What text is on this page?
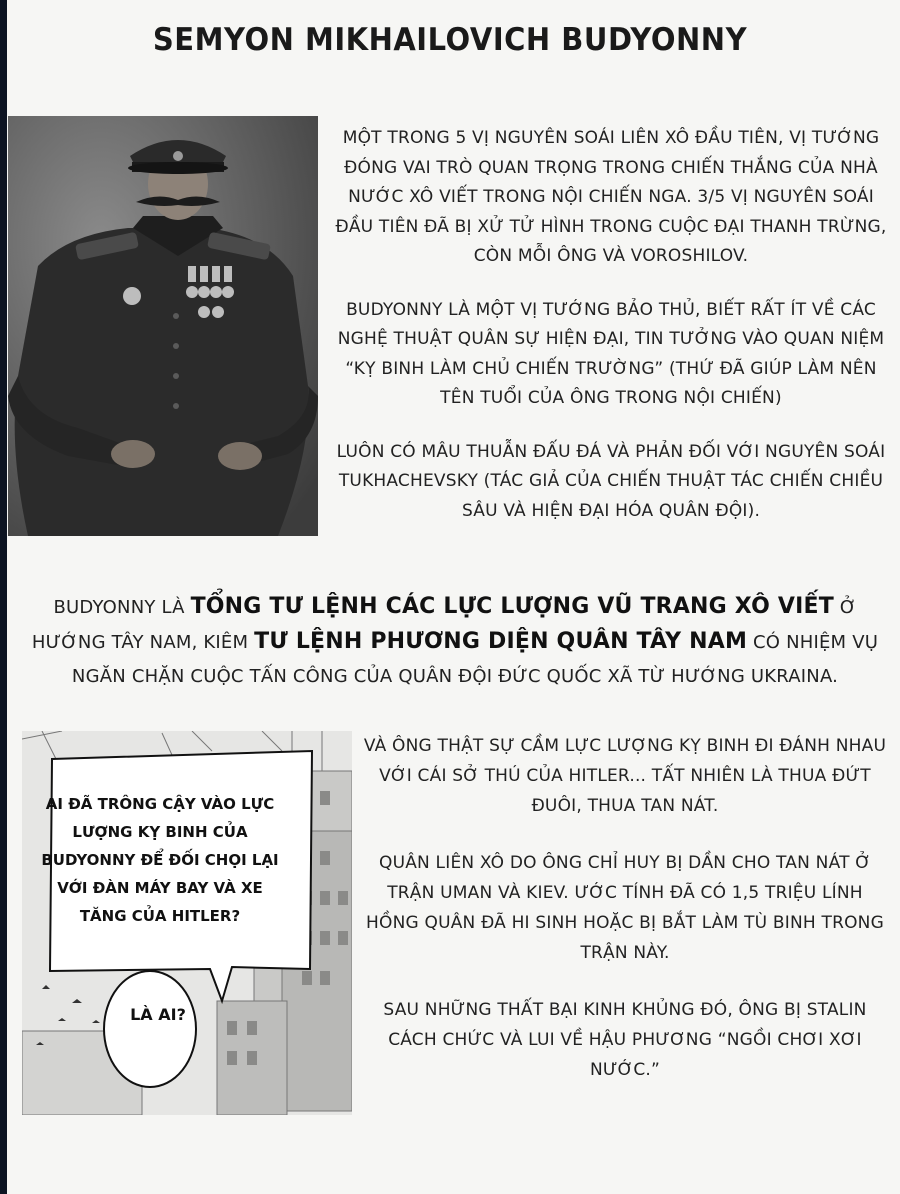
SEMYON MIKHAILOVICH BUDYONNY

MỘT TRONG 5 VỊ NGUYÊN SOÁI LIÊN XÔ ĐẦU TIÊN, VỊ TƯỚNG ĐÓNG VAI TRÒ QUAN TRỌNG TRONG CHIẾN THẮNG CỦA NHÀ NƯỚC XÔ VIẾT TRONG NỘI CHIẾN NGA. 3/5 VỊ NGUYÊN SOÁI ĐẦU TIÊN ĐÃ BỊ XỬ TỬ HÌNH TRONG CUỘC ĐẠI THANH TRỪNG, CÒN MỖI ÔNG VÀ VOROSHILOV.

BUDYONNY LÀ MỘT VỊ TƯỚNG BẢO THỦ, BIẾT RẤT ÍT VỀ CÁC NGHỆ THUẬT QUÂN SỰ HIỆN ĐẠI, TIN TƯỞNG VÀO QUAN NIỆM “KỴ BINH LÀM CHỦ CHIẾN TRƯỜNG” (THỨ ĐÃ GIÚP LÀM NÊN TÊN TUỔI CỦA ÔNG TRONG NỘI CHIẾN)

LUÔN CÓ MÂU THUẪN ĐẤU ĐÁ VÀ PHẢN ĐỐI VỚI NGUYÊN SOÁI TUKHACHEVSKY (TÁC GIẢ CỦA CHIẾN THUẬT TÁC CHIẾN CHIỀU SÂU VÀ HIỆN ĐẠI HÓA QUÂN ĐỘI).

BUDYONNY LÀ TỔNG TƯ LỆNH CÁC LỰC LƯỢNG VŨ TRANG XÔ VIẾT Ở HƯỚNG TÂY NAM, KIÊM TƯ LỆNH PHƯƠNG DIỆN QUÂN TÂY NAM CÓ NHIỆM VỤ NGĂN CHẶN CUỘC TẤN CÔNG CỦA QUÂN ĐỘI ĐỨC QUỐC XÃ TỪ HƯỚNG UKRAINA.
AI ĐÃ TRÔNG CẬY VÀO LỰC LƯỢNG KỴ BINH CỦA BUDYONNY ĐỂ ĐỐI CHỌI LẠI VỚI ĐÀN MÁY BAY VÀ XE TĂNG CỦA HITLER?
LÀ AI?

VÀ ÔNG THẬT SỰ CẦM LỰC LƯỢNG KỴ BINH ĐI ĐÁNH NHAU VỚI CÁI SỞ THÚ CỦA HITLER... TẤT NHIÊN LÀ THUA ĐỨT ĐUÔI, THUA TAN NÁT.

QUÂN LIÊN XÔ DO ÔNG CHỈ HUY BỊ DẦN CHO TAN NÁT Ở TRẬN UMAN VÀ KIEV. ƯỚC TÍNH ĐÃ CÓ 1,5 TRIỆU LÍNH HỒNG QUÂN ĐÃ HI SINH HOẶC BỊ BẮT LÀM TÙ BINH TRONG TRẬN NÀY.

SAU NHỮNG THẤT BẠI KINH KHỦNG ĐÓ, ÔNG BỊ STALIN CÁCH CHỨC VÀ LUI VỀ HẬU PHƯƠNG “NGỒI CHƠI XƠI NƯỚC.”
